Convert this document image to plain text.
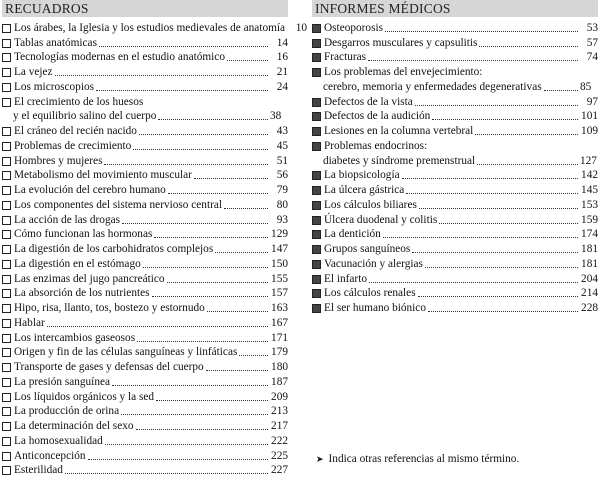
RECUADROS
Los árabes, la Iglesia y los estudios medievales de anatomía 10
Tablas anatómicas	14
Tecnologías modernas en el estudio anatómico	16
La vejez	21
Los microscopios	24
El crecimiento de los huesos
y el equilibrio salino del cuerpo	38
El cráneo del recién nacido	43
Problemas de crecimiento	45
Hombres y mujeres	51
Metabolismo del movimiento muscular	56
La evolución del cerebro humano	79
Los componentes del sistema nervioso central	80
La acción de las drogas	93
Cómo funcionan las hormonas	129
La digestión de los carbohidratos complejos	147
La digestión en el estómago	150
Las enzimas del jugo pancreático	155
La absorción de los nutrientes	157
Hipo, risa, llanto, tos, bostezo y estornudo	163
Hablar	167
Los intercambios gaseosos	171
Origen y fin de las células sanguíneas y linfáticas	179
Transporte de gases y defensas del cuerpo	180
La presión sanguínea	187
Los líquidos orgánicos y la sed	209
La producción de orina	213
La determinación del sexo	217
La homosexualidad	222
Anticoncepción	225
Esterilidad	227
INFORMES MÉDICOS
Osteoporosis	53
Desgarros musculares y capsulitis	57
Fracturas	74
Los problemas del envejecimiento:
cerebro, memoria y enfermedades degenerativas	85
Defectos de la vista	97
Defectos de la audición	101
Lesiones en la columna vertebral	109
Problemas endocrinos:
diabetes y síndrome premenstrual	127
La biopsicología	142
La úlcera gástrica	145
Los cálculos biliares	153
Úlcera duodenal y colitis	159
La dentición	174
Grupos sanguíneos	181
Vacunación y alergias	181
El infarto	204
Los cálculos renales	214
El ser humano biónico	228
➤ Indica otras referencias al mismo término.
